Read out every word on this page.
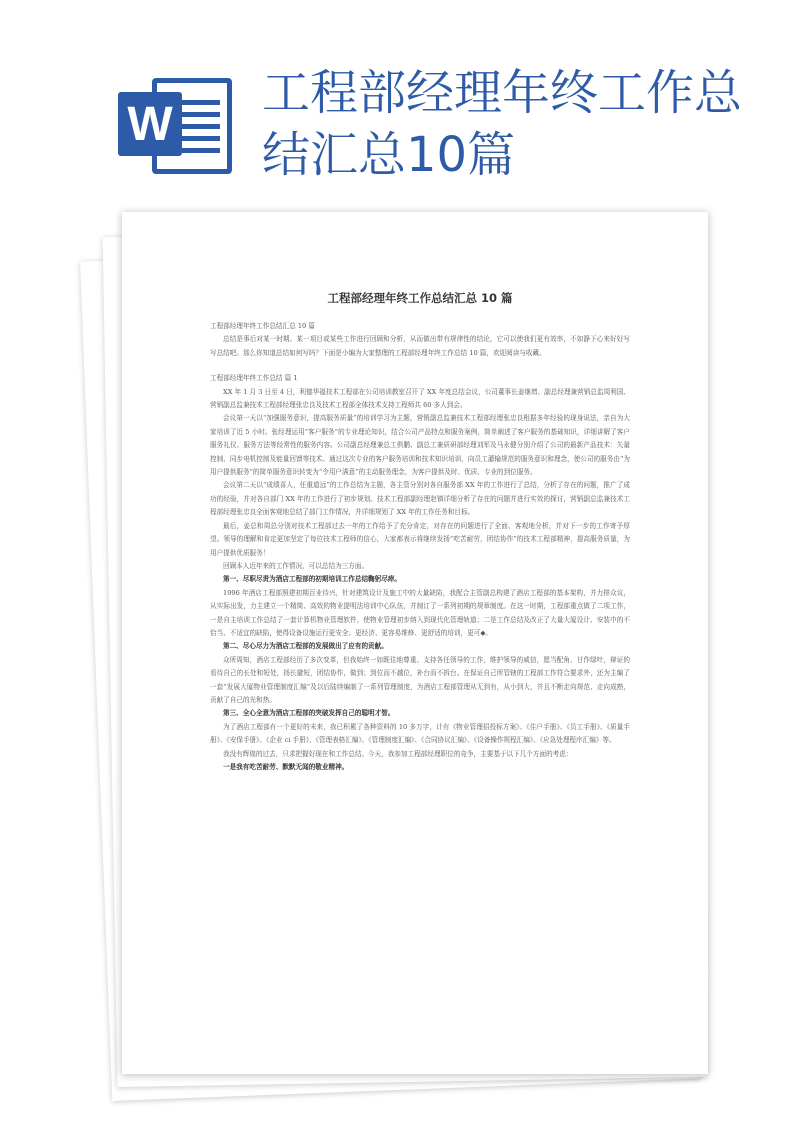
W
工程部经理年终工作总结汇总10篇
工程部经理年终工作总结汇总 10 篇

工程部经理年终工作总结汇总 10 篇

总结是事后对某一时期、某一项目或某些工作进行回顾和分析，从而做出带有规律性的结论，它可以使我们更有效率，不如静下心来好好写写总结吧。那么你知道总结如何写吗？下面是小编为大家整理的工程部经理年终工作总结 10 篇，欢迎阅读与收藏。

工程部经理年终工作总结 篇 1

XX 年 1 月 3 日至 4 日，利德华福技术工程部在公司培训教室召开了 XX 年度总结会议，公司董事长姜继增、副总经理兼营销总监周利国、营销副总监兼技术工程部经理张忠良及技术工程部全体技术支持工程师共 60 多人到会。

会议第一天以“加强服务意识，提高服务质量”的培训学习为主题，营销副总监兼技术工程部经理张忠良根据多年经验的现身说法，亲自为大家培训了近 5 小时。张经理运用“客户服务”的专业理论知识，结合公司产品特点和服务案例，简单阐述了客户服务的基础知识，详细讲解了客户服务礼仪、服务方法等经常性的服务内容。公司副总经理兼总工俱鹏、副总工兼质研部经理刘军及马永健分别介绍了公司的最新产品技术：矢量控制、同步电机控制及能量回馈等技术。通过这次专业的客户服务培训和技术知识培训，向员工灌输规范的服务意识和理念，使公司的服务由“为用户提供服务”的简单服务意识转变为“令用户满意”的主动服务理念，为客户提供及时、优质、专业的到位服务。

会议第二天以“成绩喜人，任重道远”的工作总结为主题，各主管分别对各自服务部 XX 年的工作进行了总结，分析了存在的问题，推广了成功的经验，并对各自部门 XX 年的工作进行了初步规划。技术工程部副经理赵镇详细分析了存在的问题并进行实效的探讨，营销副总监兼技术工程部经理张忠良全面客观地总结了部门工作情况，并详细规划了 XX 年的工作任务和目标。

最后，姜总和周总分别对技术工程部过去一年的工作给予了充分肯定，对存在的问题进行了全面、客观地分析，并对下一步的工作寄予厚望。领导的理解和肯定更加坚定了每位技术工程师的信心，大家都表示将继续发扬“吃苦耐劳，团结协作”的技术工程部精神，提高服务质量，为用户提供优质服务！

回顾本人近年来的工作情况，可以总结为三方面。

第一、尽职尽责为酒店工程部的初期培训工作总结鞠躬尽瘁。

1996 年酒店工程部照建初期百业待兴，针对建筑设计及施工中的大量缺陷，我配合主管副总构建了酒店工程部的基本架构，并力排众议，从实际出发，力主建立一个精简、高效的物业提明法培训中心队伍，并制订了一系列初期的规章制度。在这一时期，工程部重点做了二项工作，一是自主培训工作总结了一套计算机物业管理软件，使物业管理初步纳入到现代化管理轨道；二是工作总结及改正了大量大厦设计、安装中的不恰当、不适宜的缺陷，使得设备设施运行更安全、更经济、更容易维修、更舒适的培训，更可◆。

第二、尽心尽力为酒店工程部的发展做出了应有的贡献。

众所周知，酒店工程部经历了多次变革，但我始终一如既往地尊重、支持各任领导的工作，维护领导的威信，愿当配角、甘作绿叶，辩证的看待自己的长处和短处，扬长避短，团结协作，做到；到位而不越位，补台而不拆台。在保证自己所管辖的工程部工作符合要求外，还为主编了一套“发展大厦物业管理制度汇编”及以后陆续编制了一系列管理制度，为酒店工程部管理从无到有，从小到大，并且不断走向规范、走向成熟，贡献了自己的光和热。

第三、全心全意为酒店工程部的突破发挥自己的聪明才智。

为了酒店工程部有一个更好的未来，我已积累了各种资料的 10 多万字，计有《物业管理招投标方案》、《住户手册》、《员工手册》、《质量手册》、《安保手册》、《企业 ci 手册》、《管理表格汇编》、《管理制度汇编》、《合同协议汇编》、《设备操作规程汇编》、《应急处理程序汇编》等。

我没有辉煌的过去，只求把握好现在和工作总结。今天，我参加工程部经理职位的竞争，主要基于以下几个方面的考虑：

一是我有吃苦耐劳、默默无闻的敬业精神。
